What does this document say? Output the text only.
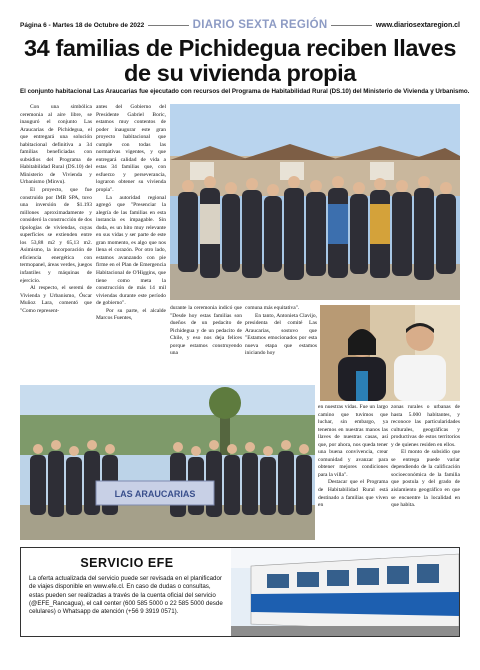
Página 6 - Martes 18 de Octubre de 2022	DIARIO SEXTA REGIÓN	www.diariosextaregion.cl
34 familias de Pichidegua reciben llaves de su vivienda propia
El conjunto habitacional Las Araucarias fue ejecutado con recursos del Programa de Habitabilidad Rural (DS.10) del Ministerio de Vivienda y Urbanismo.

Con una simbólica ceremonia al aire libre, se inauguró el conjunto Las Araucarias de Pichidegua, el que entregará una solución habitacional definitiva a 34 familias beneficiadas con subsidios del Programa de Habitabilidad Rural (DS.10) del Ministerio de Vivienda y Urbanismo (Minvu).

El proyecto, que fue construido por IMB SPA, tuvo una inversión de $1.193 millones aproximadamente y consideró la construcción de dos tipologías de viviendas, cuyas superficies se extienden entre los 53,88 m2 y 65,13 m2. Asimismo, la incorporación de eficiencia energética con termopanel, áreas verdes, juegos infantiles y máquinas de ejercicio.

Al respecto, el seremi de Vivienda y Urbanismo, Óscar Muñoz Lara, comentó que "Como represent-

antes del Gobierno del Presidente Gabriel Boric, estamos muy contentos de poder inaugurar este gran proyecto habitacional que cumple con todas las normativas vigentes, y que entregará calidad de vida a estas 34 familias que, con esfuerzo y perseverancia, lograron obtener su vivienda propia".

La autoridad regional agregó que "Presenciar la alegría de las familias en esta instancia es impagable. Sin duda, es un hito muy relevante en sus vidas y ser parte de este gran momento, es algo que nos llena el corazón. Por otro lado, estamos avanzando con pie firme en el Plan de Emergencia Habitacional de O'Higgins, que tiene como meta la construcción de más 14 mil viviendas durante este período de gobierno".

Por su parte, el alcalde Marcos Fuentes,

durante la ceremonia indicó que "Desde hoy estas familias son dueños de un pedacito de Pichidegua y de un pedacito de Chile, y eso nos deja felices porque estamos construyendo una

comuna más equitativa".

En tanto, Antonieta Clavijo, presidenta del comité Las Araucarias, sostuvo que "Estamos emocionados por esta nueva etapa que estamos iniciando hoy

en nuestras vidas. Fue un largo camino que tuvimos que luchar, sin embargo, ya tenemos en nuestras manos las llaves de nuestras casas, así que, por ahora, nos queda tener una buena convivencia, crear comunidad y avanzar para obtener mejores condiciones para la villa".

Destacar que el Programa de Habitabilidad Rural está destinado a familias que viven en

zonas rurales o urbanas de hasta 5.000 habitantes, y reconoce las particularidades culturales, geográficas y productivas de estos territorios y de quienes residen en ellos.

El monto de subsidio que se entrega puede variar dependiendo de la calificación socioeconómica de la familia que postula y del grado de aislamiento geográfico en que se encuentre la localidad en que habita.

LAS ARAUCARIAS
SERVICIO EFE

La oferta actualizada del servicio puede ser revisada en el planificador de viajes disponible en www.efe.cl. En caso de dudas o consultas, estas pueden ser realizadas a través de la cuenta oficial del servicio (@EFE_Rancagua), el call center (600 585 5000 o 22 585 5000 desde celulares) o Whatsapp de atención (+56 9 3919 0571).
